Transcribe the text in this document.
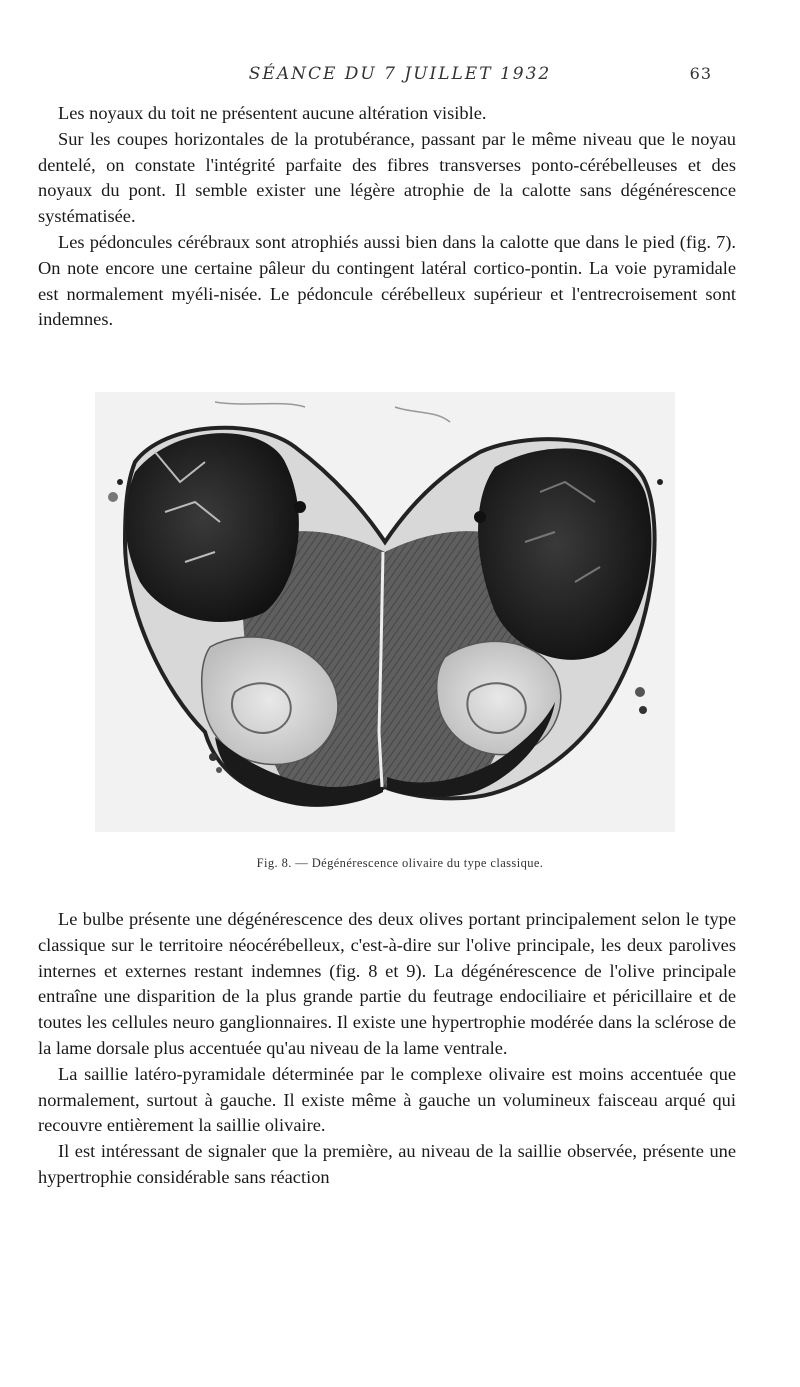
SÉANCE DU 7 JUILLET 1932	63

Les noyaux du toit ne présentent aucune altération visible.

Sur les coupes horizontales de la protubérance, passant par le même niveau que le noyau dentelé, on constate l'intégrité parfaite des fibres transverses ponto-cérébelleuses et des noyaux du pont. Il semble exister une légère atrophie de la calotte sans dégénérescence systématisée.

Les pédoncules cérébraux sont atrophiés aussi bien dans la calotte que dans le pied (fig. 7). On note encore une certaine pâleur du contingent latéral cortico-pontin. La voie pyramidale est normalement myéli-nisée. Le pédoncule cérébelleux supérieur et l'entrecroisement sont indemnes.

Fig. 8. — Dégénérescence olivaire du type classique.

Le bulbe présente une dégénérescence des deux olives portant principalement selon le type classique sur le territoire néocérébelleux, c'est-à-dire sur l'olive principale, les deux parolives internes et externes restant indemnes (fig. 8 et 9). La dégénérescence de l'olive principale entraîne une disparition de la plus grande partie du feutrage endociliaire et péricillaire et de toutes les cellules neuro ganglionnaires. Il existe une hypertrophie modérée dans la sclérose de la lame dorsale plus accentuée qu'au niveau de la lame ventrale.

La saillie latéro-pyramidale déterminée par le complexe olivaire est moins accentuée que normalement, surtout à gauche. Il existe même à gauche un volumineux faisceau arqué qui recouvre entièrement la saillie olivaire.

Il est intéressant de signaler que la première, au niveau de la saillie observée, présente une hypertrophie considérable sans réaction
